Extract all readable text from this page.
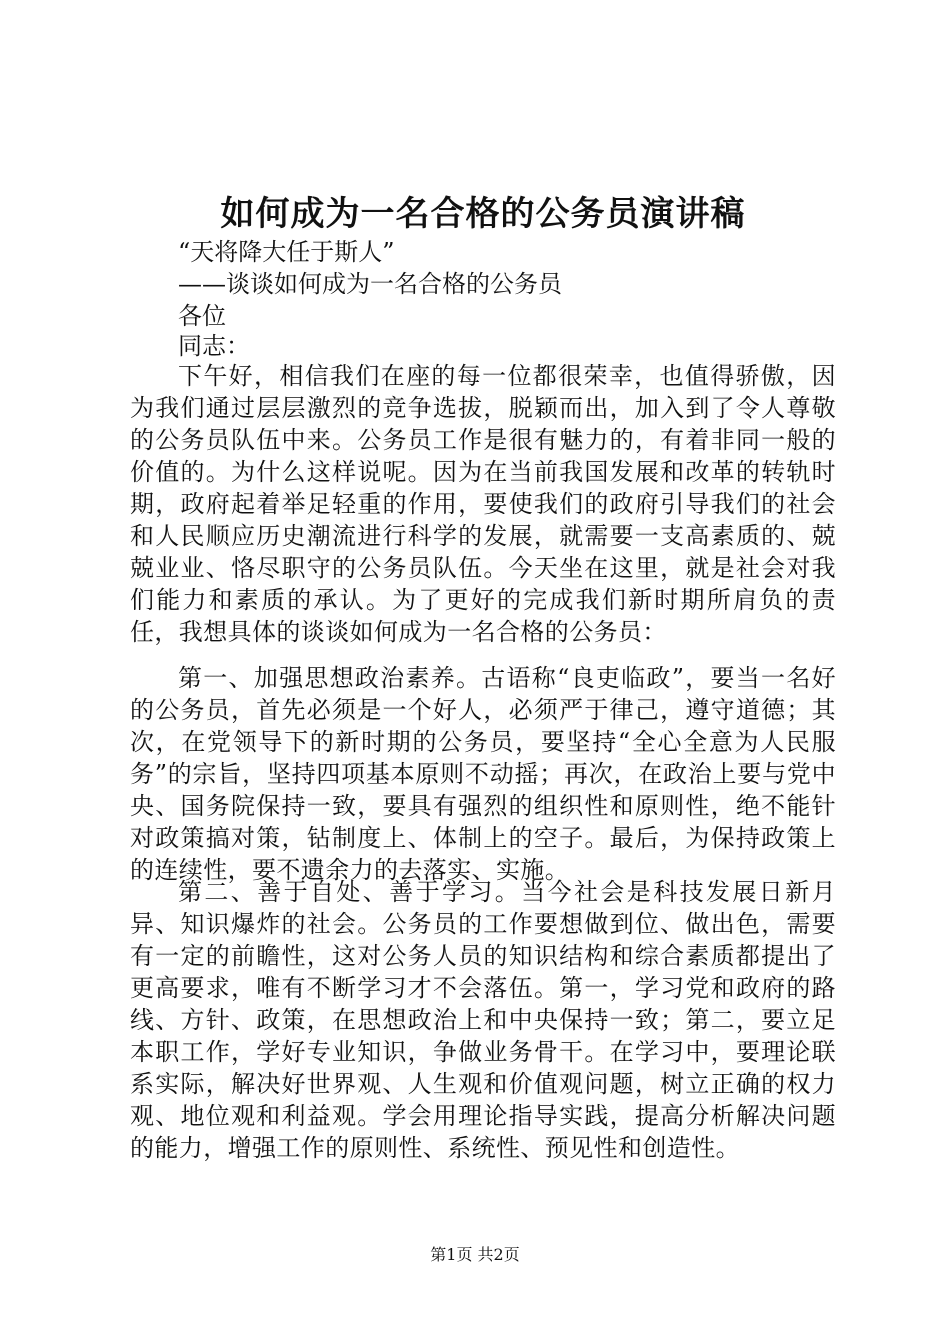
如何成为一名合格的公务员演讲稿

“天将降大任于斯人”

——谈谈如何成为一名合格的公务员

各位

同志：

下午好，相信我们在座的每一位都很荣幸，也值得骄傲，因为我们通过层层激烈的竞争选拔，脱颖而出，加入到了令人尊敬的公务员队伍中来。公务员工作是很有魅力的，有着非同一般的价值的。为什么这样说呢。因为在当前我国发展和改革的转轨时期，政府起着举足轻重的作用，要使我们的政府引导我们的社会和人民顺应历史潮流进行科学的发展，就需要一支高素质的、兢兢业业、恪尽职守的公务员队伍。今天坐在这里，就是社会对我们能力和素质的承认。为了更好的完成我们新时期所肩负的责任，我想具体的谈谈如何成为一名合格的公务员：

第一、加强思想政治素养。古语称“良吏临政”，要当一名好的公务员，首先必须是一个好人，必须严于律己，遵守道德；其次，在党领导下的新时期的公务员，要坚持“全心全意为人民服务”的宗旨，坚持四项基本原则不动摇；再次，在政治上要与党中央、国务院保持一致，要具有强烈的组织性和原则性，绝不能针对政策搞对策，钻制度上、体制上的空子。最后，为保持政策上的连续性，要不遗余力的去落实、实施。

第二、善于自处、善于学习。当今社会是科技发展日新月异、知识爆炸的社会。公务员的工作要想做到位、做出色，需要有一定的前瞻性，这对公务人员的知识结构和综合素质都提出了更高要求，唯有不断学习才不会落伍。第一，学习党和政府的路线、方针、政策，在思想政治上和中央保持一致；第二，要立足本职工作，学好专业知识，争做业务骨干。在学习中，要理论联系实际，解决好世界观、人生观和价值观问题，树立正确的权力观、地位观和利益观。学会用理论指导实践，提高分析解决问题的能力，增强工作的原则性、系统性、预见性和创造性。

第1页 共2页
